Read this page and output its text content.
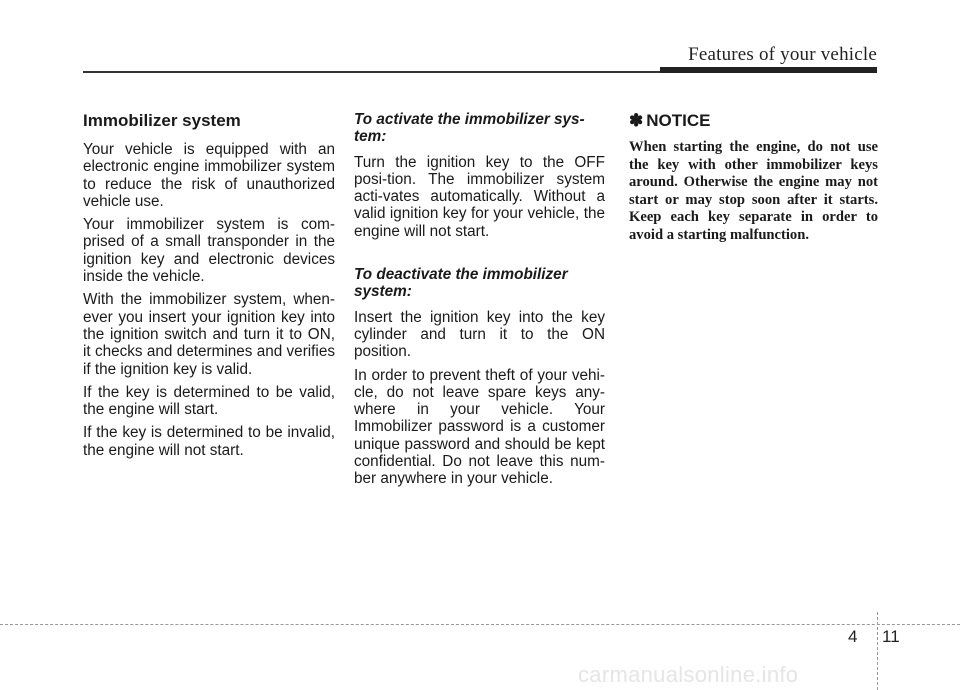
Features of your vehicle
Immobilizer system

Your vehicle is equipped with an electronic engine immobilizer system to reduce the risk of unauthorized vehicle use.

Your immobilizer system is com-prised of a small transponder in the ignition key and electronic devices inside the vehicle.

With the immobilizer system, when-ever you insert your ignition key into the ignition switch and turn it to ON, it checks and determines and verifies if the ignition key is valid.

If the key is determined to be valid, the engine will start.

If the key is determined to be invalid, the engine will not start.

To activate the immobilizer sys-tem:

Turn the ignition key to the OFF posi-tion. The immobilizer system acti-vates automatically. Without a valid ignition key for your vehicle, the engine will not start.

To deactivate the immobilizer system:

Insert the ignition key into the key cylinder and turn it to the ON position.

In order to prevent theft of your vehi-cle, do not leave spare keys any-where in your vehicle. Your Immobilizer password is a customer unique password and should be kept confidential. Do not leave this num-ber anywhere in your vehicle.

✽ NOTICE

When starting the engine, do not use the key with other immobilizer keys around. Otherwise the engine may not start or may stop soon after it starts. Keep each key separate in order to avoid a starting malfunction.

4 11
carmanualsonline.info
